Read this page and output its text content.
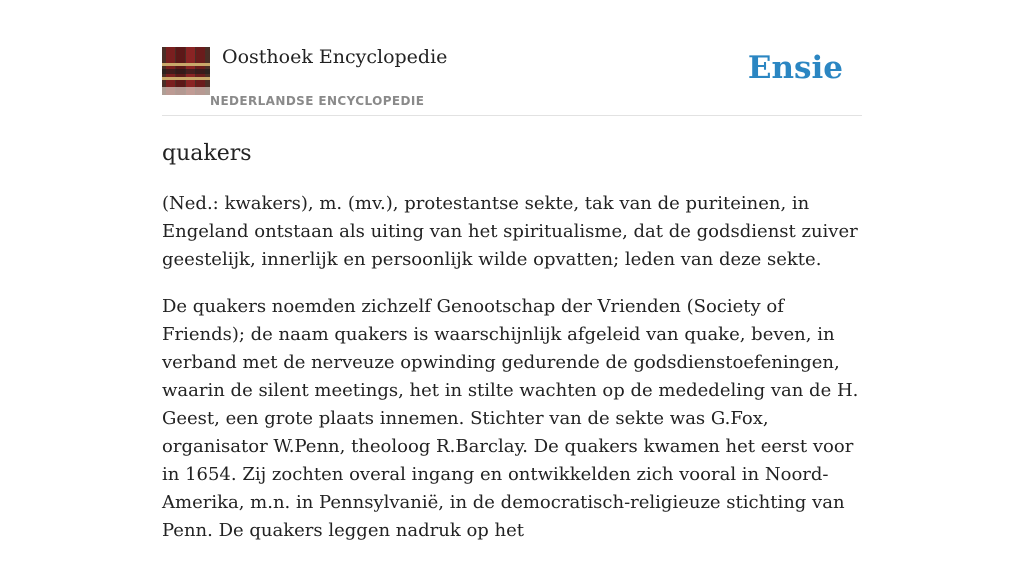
Oosthoek Encyclopedie
NEDERLANDSE ENCYCLOPEDIE
Ensie
quakers

(Ned.: kwakers), m. (mv.), protestantse sekte, tak van de puriteinen, in Engeland ontstaan als uiting van het spiritualisme, dat de godsdienst zuiver geestelijk, innerlijk en persoonlijk wilde opvatten; leden van deze sekte.

De quakers noemden zichzelf Genootschap der Vrienden (Society of Friends); de naam quakers is waarschijnlijk afgeleid van quake, beven, in verband met de nerveuze opwinding gedurende de godsdienstoefeningen, waarin de silent meetings, het in stilte wachten op de mededeling van de H. Geest, een grote plaats innemen. Stichter van de sekte was G.Fox, organisator W.Penn, theoloog R.Barclay. De quakers kwamen het eerst voor in 1654. Zij zochten overal ingang en ontwikkelden zich vooral in Noord-Amerika, m.n. in Pennsylvanië, in de democratisch-religieuze stichting van Penn. De quakers leggen nadruk op het
